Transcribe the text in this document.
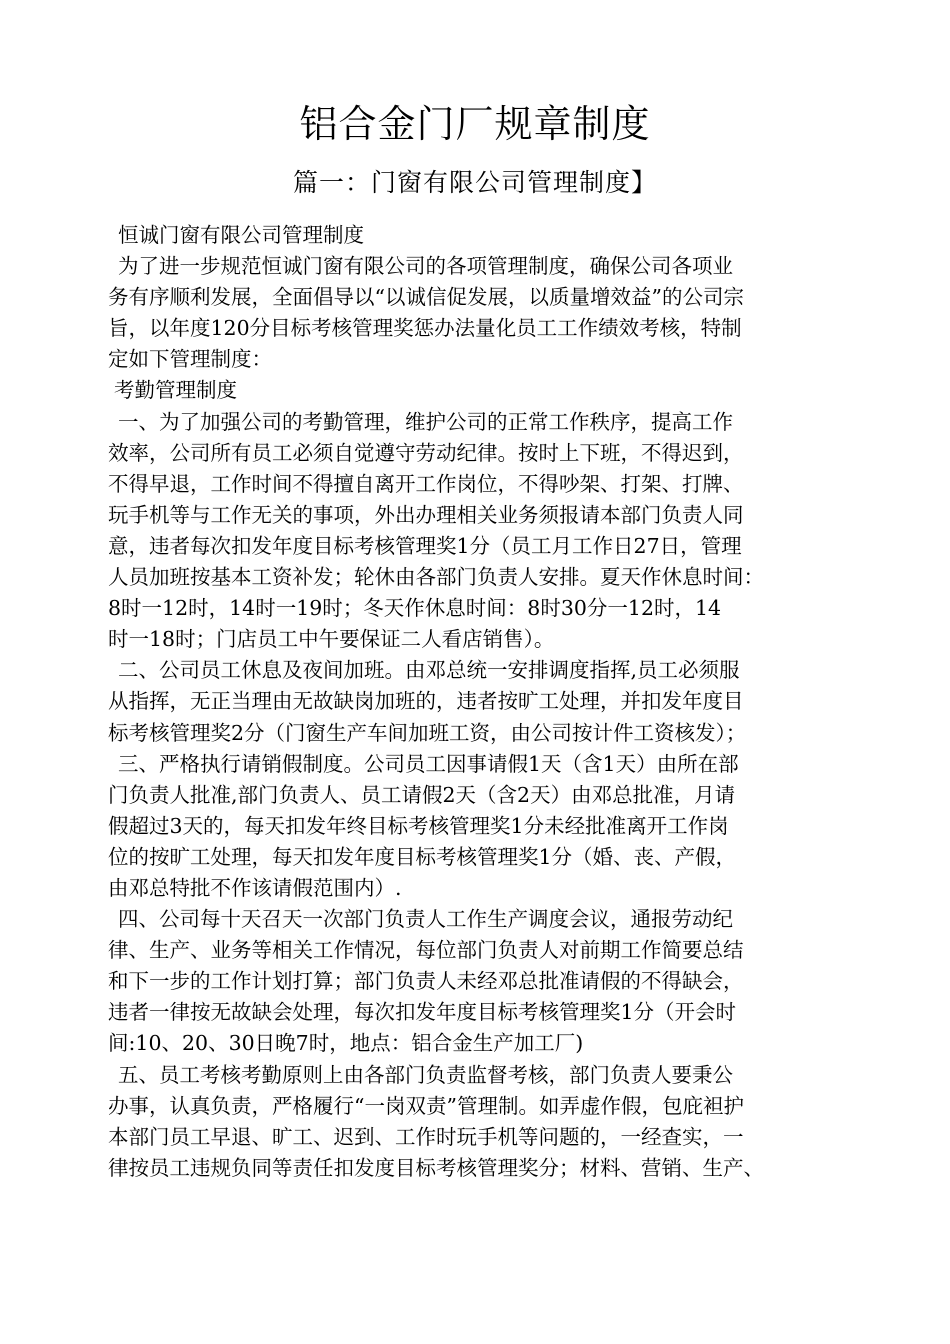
铝合金门厂规章制度
篇一：门窗有限公司管理制度】
恒诚门窗有限公司管理制度
为了进一步规范恒诚门窗有限公司的各项管理制度，确保公司各项业
务有序顺利发展，全面倡导以“以诚信促发展，以质量增效益”的公司宗
旨，以年度120分目标考核管理奖惩办法量化员工工作绩效考核，特制
定如下管理制度：
考勤管理制度
一、为了加强公司的考勤管理，维护公司的正常工作秩序，提高工作
效率，公司所有员工必须自觉遵守劳动纪律。按时上下班，不得迟到，
不得早退，工作时间不得擅自离开工作岗位，不得吵架、打架、打牌、
玩手机等与工作无关的事项，外出办理相关业务须报请本部门负责人同
意，违者每次扣发年度目标考核管理奖1分（员工月工作日27日，管理
人员加班按基本工资补发；轮休由各部门负责人安排。夏天作休息时间：
8时一12时，14时一19时；冬天作休息时间：8时30分一12时，14
时一18时；门店员工中午要保证二人看店销售）。
二、公司员工休息及夜间加班。由邓总统一安排调度指挥,员工必须服
从指挥，无正当理由无故缺岗加班的，违者按旷工处理，并扣发年度目
标考核管理奖2分（门窗生产车间加班工资，由公司按计件工资核发）；
三、严格执行请销假制度。公司员工因事请假1天（含1天）由所在部
门负责人批准,部门负责人、员工请假2天（含2天）由邓总批准，月请
假超过3天的，每天扣发年终目标考核管理奖1分未经批准离开工作岗
位的按旷工处理，每天扣发年度目标考核管理奖1分（婚、丧、产假，
由邓总特批不作该请假范围内）.
四、公司每十天召天一次部门负责人工作生产调度会议，通报劳动纪
律、生产、业务等相关工作情况，每位部门负责人对前期工作简要总结
和下一步的工作计划打算；部门负责人未经邓总批准请假的不得缺会，
违者一律按无故缺会处理，每次扣发年度目标考核管理奖1分（开会时
间:10、20、30日晚7时，地点：铝合金生产加工厂)
五、员工考核考勤原则上由各部门负责监督考核，部门负责人要秉公
办事，认真负责，严格履行“一岗双责”管理制。如弄虚作假，包庇袒护
本部门员工早退、旷工、迟到、工作时玩手机等问题的，一经查实，一
律按员工违规负同等责任扣发度目标考核管理奖分；材料、营销、生产、
